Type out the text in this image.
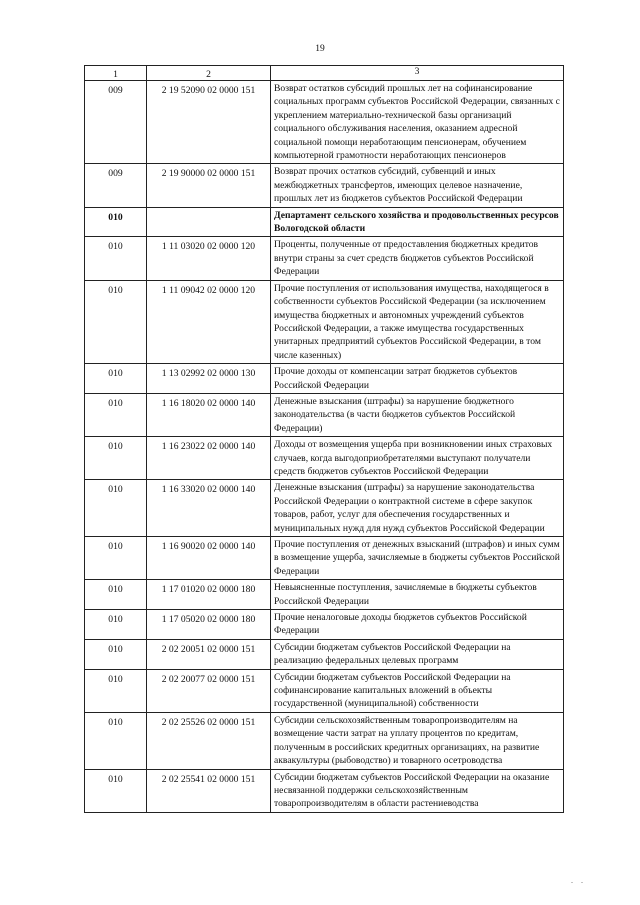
19
1	2	3
009	2 19 52090 02 0000 151	Возврат остатков субсидий прошлых лет на софинансирование социальных программ субъектов Российской Федерации, связанных с укреплением материально-технической базы организаций социального обслуживания населения, оказанием адресной социальной помощи неработающим пенсионерам, обучением компьютерной грамотности неработающих пенсионеров
009	2 19 90000 02 0000 151	Возврат прочих остатков субсидий, субвенций и иных межбюджетных трансфертов, имеющих целевое назначение, прошлых лет из бюджетов субъектов Российской Федерации
010		Департамент сельского хозяйства и продовольственных ресурсов Вологодской области
010	1 11 03020 02 0000 120	Проценты, полученные от предоставления бюджетных кредитов внутри страны за счет средств бюджетов субъектов Российской Федерации
010	1 11 09042 02 0000 120	Прочие поступления от использования имущества, находящегося в собственности субъектов Российской Федерации (за исключением имущества бюджетных и автономных учреждений субъектов Российской Федерации, а также имущества государственных унитарных предприятий субъектов Российской Федерации, в том числе казенных)
010	1 13 02992 02 0000 130	Прочие доходы от компенсации затрат бюджетов субъектов Российской Федерации
010	1 16 18020 02 0000 140	Денежные взыскания (штрафы) за нарушение бюджетного законодательства (в части бюджетов субъектов Российской Федерации)
010	1 16 23022 02 0000 140	Доходы от возмещения ущерба при возникновении иных страховых случаев, когда выгодоприобретателями выступают получатели средств бюджетов субъектов Российской Федерации
010	1 16 33020 02 0000 140	Денежные взыскания (штрафы) за нарушение законодательства Российской Федерации о контрактной системе в сфере закупок товаров, работ, услуг для обеспечения государственных и муниципальных нужд для нужд субъектов Российской Федерации
010	1 16 90020 02 0000 140	Прочие поступления от денежных взысканий (штрафов) и иных сумм в возмещение ущерба, зачисляемые в бюджеты субъектов Российской Федерации
010	1 17 01020 02 0000 180	Невыясненные поступления, зачисляемые в бюджеты субъектов Российской Федерации
010	1 17 05020 02 0000 180	Прочие неналоговые доходы бюджетов субъектов Российской Федерации
010	2 02 20051 02 0000 151	Субсидии бюджетам субъектов Российской Федерации на реализацию федеральных целевых программ
010	2 02 20077 02 0000 151	Субсидии бюджетам субъектов Российской Федерации на софинансирование капитальных вложений в объекты государственной (муниципальной) собственности
010	2 02 25526 02 0000 151	Субсидии сельскохозяйственным товаропроизводителям на возмещение части затрат на уплату процентов по кредитам, полученным в российских кредитных организациях, на развитие аквакультуры (рыбоводство) и товарного осетроводства
010	2 02 25541 02 0000 151	Субсидии бюджетам субъектов Российской Федерации на оказание несвязанной поддержки сельскохозяйственным товаропроизводителям в области растениеводства
. .
